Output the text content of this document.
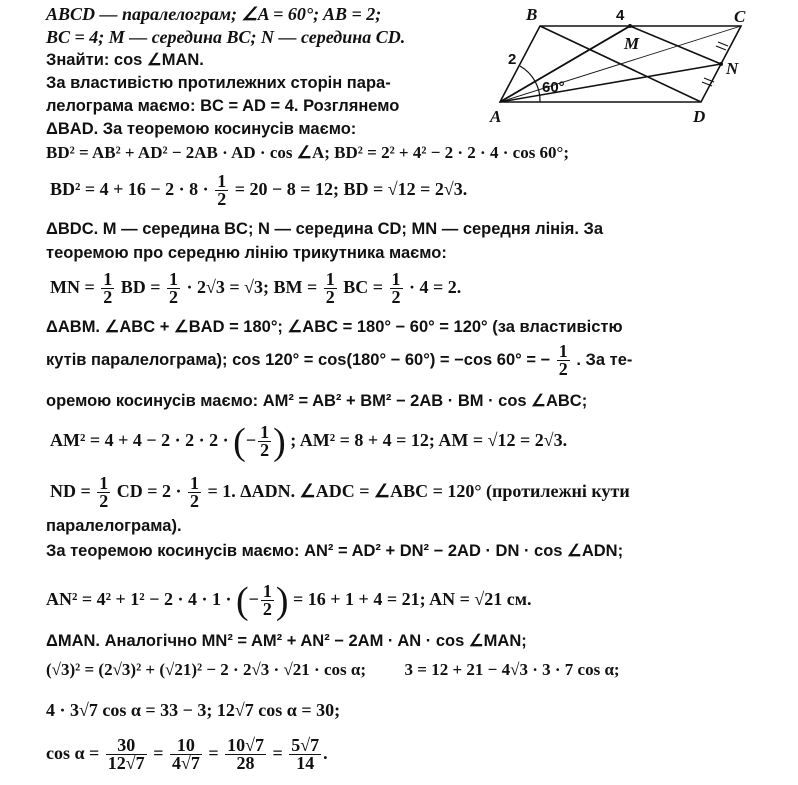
A
B	C
D
M
N
2
4
60°
ABCD — паралелограм; ∠A = 60°; AB = 2;
BC = 4; M — середина BC; N — середина CD.
Знайти: cos ∠MAN.
За властивістю протилежних сторін пара-
лелограма маємо: BC = AD = 4. Розглянемо
ΔBAD. За теоремою косинусів маємо:
BD² = AB² + AD² − 2AB · AD · cos ∠A; BD² = 2² + 4² − 2 · 2 · 4 · cos 60°;
$BD^2 = 4 + 16 - 2 \cdot 8 \cdot \frac{1}{2} = 20 - 8 = 12$; BD = √12 = 2√3.
ΔBDC. M — середина BC; N — середина CD; MN — середня лінія. За
теоремою про середню лінію трикутника маємо:
MN = $\frac{1}{2}$ BD = $\frac{1}{2} \cdot 2√3 = √3$; BM = $\frac{1}{2}$ BC = $\frac{1}{2} \cdot 4 = 2$.
ΔABM. ∠ABC + ∠BAD = 180°; ∠ABC = 180° − 60° = 120° (за властивістю
кутів паралелограма); cos 120° = cos(180° − 60°) = −cos 60° = − $\frac{1}{2}$ . За те-
оремою косинусів маємо: AM² = AB² + BM² − 2AB · BM · cos ∠ABC;
AM² = 4 + 4 − 2 · 2 · 2 · (− $\frac{1}{2}$ ) ; AM² = 8 + 4 = 12; AM = √12 = 2√3.
ND = $\frac{1}{2}$ CD = $2 \cdot \frac{1}{2} = 1$. ΔADN. ∠ADC = ∠ABC = 120° (протилежні кути
паралелограма).
За теоремою косинусів маємо: AN² = AD² + DN² − 2AD · DN · cos ∠ADN;
AN² = 4² + 1² − 2 · 4 · 1 · (− $\frac{1}{2}$ ) = 16 + 1 + 4 = 21; AN = √21 см.
ΔMAN. Аналогічно MN² = AM² + AN² − 2AM · AN · cos ∠MAN;
(√3)² = (2√3)² + (√21)² − 2 · 2√3 · √21 · cos α; 3 = 12 + 21 − 4√3 · 3 · 7 cos α;
4 · 3√7 cos α = 33 − 3; 12√7 cos α = 30;
$\cos \alpha = \frac{30}{12√7} = \frac{10}{4√7} = \frac{10√7}{28} = \frac{5√7}{14}$ .
